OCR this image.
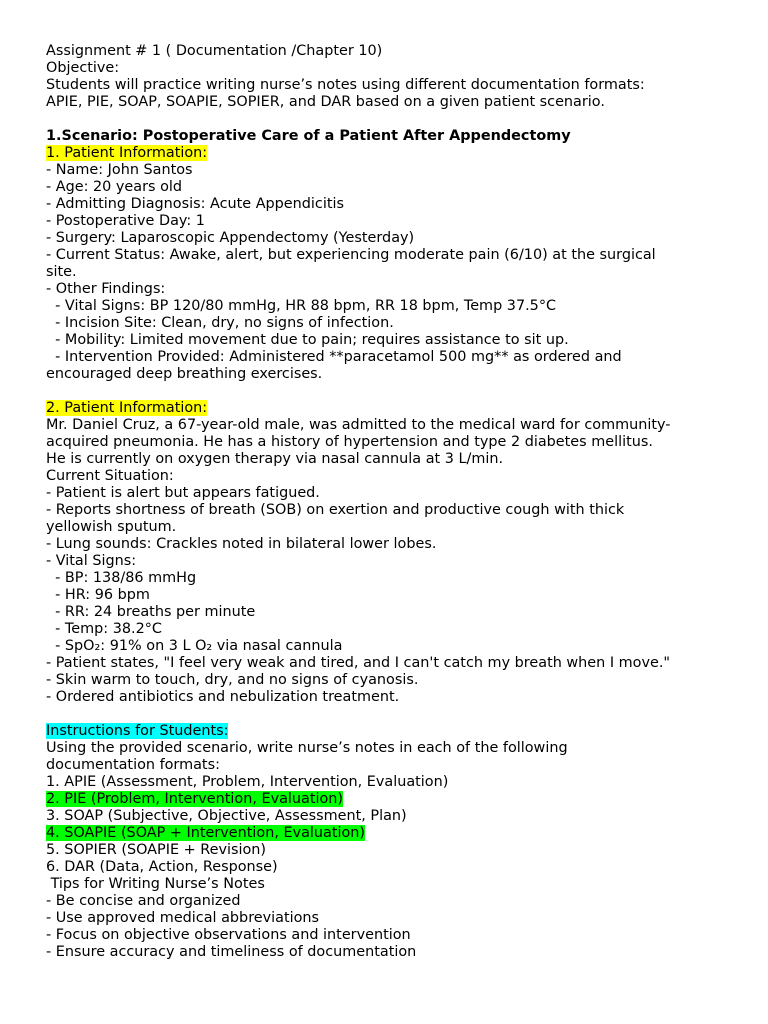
Assignment # 1 ( Documentation /Chapter 10)
Objective:
Students will practice writing nurse’s notes using different documentation formats:
APIE, PIE, SOAP, SOAPIE, SOPIER, and DAR based on a given patient scenario.
1.Scenario: Postoperative Care of a Patient After Appendectomy
1. Patient Information:
- Name: John Santos
- Age: 20 years old
- Admitting Diagnosis: Acute Appendicitis
- Postoperative Day: 1
- Surgery: Laparoscopic Appendectomy (Yesterday)
- Current Status: Awake, alert, but experiencing moderate pain (6/10) at the surgical
site.
- Other Findings:
- Vital Signs: BP 120/80 mmHg, HR 88 bpm, RR 18 bpm, Temp 37.5°C
- Incision Site: Clean, dry, no signs of infection.
- Mobility: Limited movement due to pain; requires assistance to sit up.
- Intervention Provided: Administered **paracetamol 500 mg** as ordered and
encouraged deep breathing exercises.
2. Patient Information:
Mr. Daniel Cruz, a 67-year-old male, was admitted to the medical ward for community-
acquired pneumonia. He has a history of hypertension and type 2 diabetes mellitus.
He is currently on oxygen therapy via nasal cannula at 3 L/min.
Current Situation:
- Patient is alert but appears fatigued.
- Reports shortness of breath (SOB) on exertion and productive cough with thick
yellowish sputum.
- Lung sounds: Crackles noted in bilateral lower lobes.
- Vital Signs:
- BP: 138/86 mmHg
- HR: 96 bpm
- RR: 24 breaths per minute
- Temp: 38.2°C
- SpO₂: 91% on 3 L O₂ via nasal cannula
- Patient states, "I feel very weak and tired, and I can't catch my breath when I move."
- Skin warm to touch, dry, and no signs of cyanosis.
- Ordered antibiotics and nebulization treatment.
Instructions for Students:
Using the provided scenario, write nurse’s notes in each of the following
documentation formats:
1. APIE (Assessment, Problem, Intervention, Evaluation)
2. PIE (Problem, Intervention, Evaluation)
3. SOAP (Subjective, Objective, Assessment, Plan)
4. SOAPIE (SOAP + Intervention, Evaluation)
5. SOPIER (SOAPIE + Revision)
6. DAR (Data, Action, Response)
Tips for Writing Nurse’s Notes
- Be concise and organized
- Use approved medical abbreviations
- Focus on objective observations and intervention
- Ensure accuracy and timeliness of documentation
